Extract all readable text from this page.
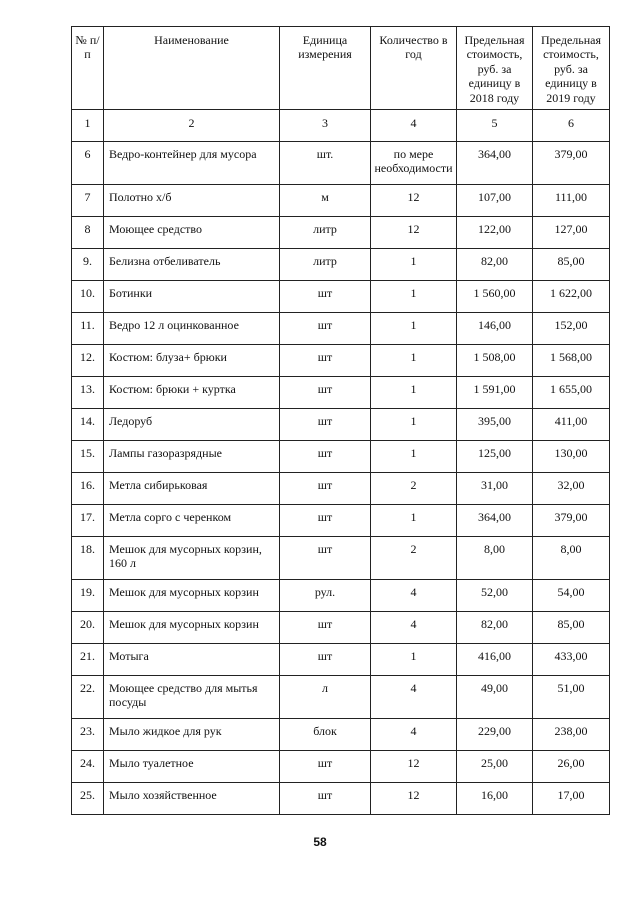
№ п/п	Наименование	Единица измерения	Количество в год	Предельная стоимость, руб. за единицу в 2018 году	Предельная стоимость, руб. за единицу в 2019 году
1	2	3	4	5	6
6	Ведро-контейнер для мусора	шт.	по мере необходимости	364,00	379,00
7	Полотно х/б	м	12	107,00	111,00
8	Моющее средство	литр	12	122,00	127,00
9.	Белизна отбеливатель	литр	1	82,00	85,00
10.	Ботинки	шт	1	1 560,00	1 622,00
11.	Ведро 12 л оцинкованное	шт	1	146,00	152,00
12.	Костюм: блуза+ брюки	шт	1	1 508,00	1 568,00
13.	Костюм: брюки + куртка	шт	1	1 591,00	1 655,00
14.	Ледоруб	шт	1	395,00	411,00
15.	Лампы газоразрядные	шт	1	125,00	130,00
16.	Метла сибирьковая	шт	2	31,00	32,00
17.	Метла сорго с черенком	шт	1	364,00	379,00
18.	Мешок для мусорных корзин, 160 л	шт	2	8,00	8,00
19.	Мешок для мусорных корзин	рул.	4	52,00	54,00
20.	Мешок для мусорных корзин	шт	4	82,00	85,00
21.	Мотыга	шт	1	416,00	433,00
22.	Моющее средство для мытья посуды	л	4	49,00	51,00
23.	Мыло жидкое для рук	блок	4	229,00	238,00
24.	Мыло туалетное	шт	12	25,00	26,00
25.	Мыло хозяйственное	шт	12	16,00	17,00
58
